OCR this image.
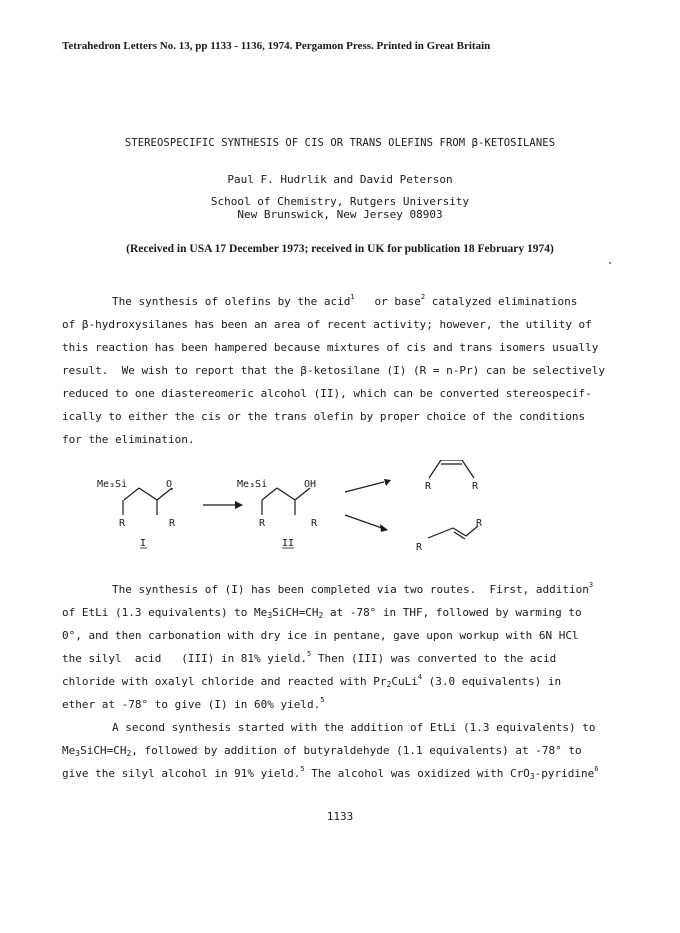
Tetrahedron Letters No. 13, pp 1133 - 1136, 1974. Pergamon Press. Printed in Great Britain
STEREOSPECIFIC SYNTHESIS OF CIS OR TRANS OLEFINS FROM β-KETOSILANES
Paul F. Hudrlik and David Peterson
School of Chemistry, Rutgers University
New Brunswick, New Jersey 08903
(Received in USA 17 December 1973; received in UK for publication 18 February 1974)
The synthesis of olefins by the acid$^1$   or base$^2$ catalyzed eliminations
of β-hydroxysilanes has been an area of recent activity; however, the utility of
this reaction has been hampered because mixtures of cis and trans isomers usually
result.  We wish to report that the β-ketosilane (I) (R = n-Pr) can be selectively
reduced to one diastereomeric alcohol (II), which can be converted stereospecif-
ically to either the cis or the trans olefin by proper choice of the conditions
for the elimination.
Me₃Si	O
R	R
I
Me₃Si	OH
R	R
II
R	R
R
R
The synthesis of (I) has been completed via two routes.  First, addition$^3$
of EtLi (1.3 equivalents) to $Me_3SiCH=CH_2$ at -78° in THF, followed by warming to
0°, and then carbonation with dry ice in pentane, gave upon workup with 6N HCl
the silyl  acid   (III) in 81% yield.$^5$ Then (III) was converted to the acid
chloride with oxalyl chloride and reacted with $Pr_2CuLi^4$ (3.0 equivalents) in
ether at -78° to give (I) in 60% yield.$^5$
A second synthesis started with the addition of EtLi (1.3 equivalents) to
$Me_3SiCH=CH_2$, followed by addition of butyraldehyde (1.1 equivalents) at -78° to
give the silyl alcohol in 91% yield.$^5$ The alcohol was oxidized with CrO$_3$-pyridine$^6$
1133
